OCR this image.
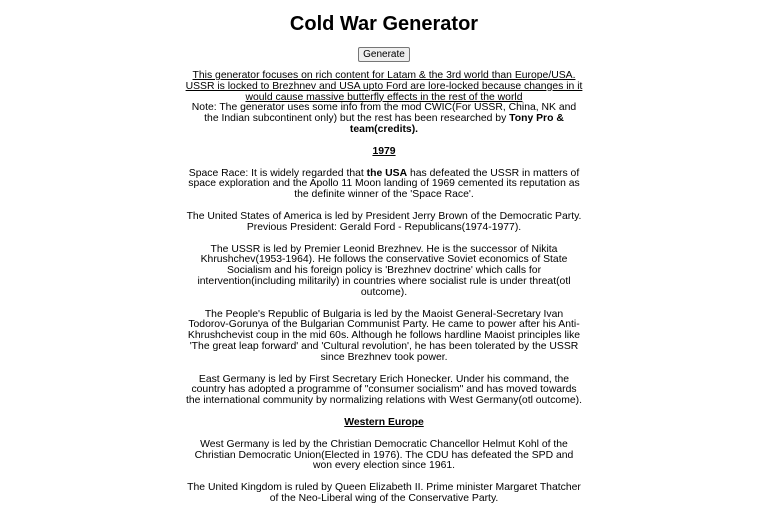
Cold War Generator
Generate

This generator focuses on rich content for Latam & the 3rd world than Europe/USA. USSR is locked to Brezhnev and USA upto Ford are lore-locked because changes in it would cause massive butterfly effects in the rest of the world

Note: The generator uses some info from the mod CWIC(For USSR, China, NK and the Indian subcontinent only) but the rest has been researched by Tony Pro & team(credits).

1979

Space Race: It is widely regarded that the USA has defeated the USSR in matters of space exploration and the Apollo 11 Moon landing of 1969 cemented its reputation as the definite winner of the 'Space Race'.

The United States of America is led by President Jerry Brown of the Democratic Party.

Previous President: Gerald Ford - Republicans(1974-1977).

The USSR is led by Premier Leonid Brezhnev. He is the successor of Nikita Khrushchev(1953-1964). He follows the conservative Soviet economics of State Socialism and his foreign policy is 'Brezhnev doctrine' which calls for intervention(including militarily) in countries where socialist rule is under threat(otl outcome).

The People's Republic of Bulgaria is led by the Maoist General-Secretary Ivan Todorov-Gorunya of the Bulgarian Communist Party. He came to power after his Anti-Khrushchevist coup in the mid 60s. Although he follows hardline Maoist principles like 'The great leap forward' and 'Cultural revolution', he has been tolerated by the USSR since Brezhnev took power.

East Germany is led by First Secretary Erich Honecker. Under his command, the country has adopted a programme of "consumer socialism" and has moved towards the international community by normalizing relations with West Germany(otl outcome).

Western Europe

West Germany is led by the Christian Democratic Chancellor Helmut Kohl of the Christian Democratic Union(Elected in 1976). The CDU has defeated the SPD and won every election since 1961.

The United Kingdom is ruled by Queen Elizabeth II. Prime minister Margaret Thatcher of the Neo-Liberal wing of the Conservative Party.
